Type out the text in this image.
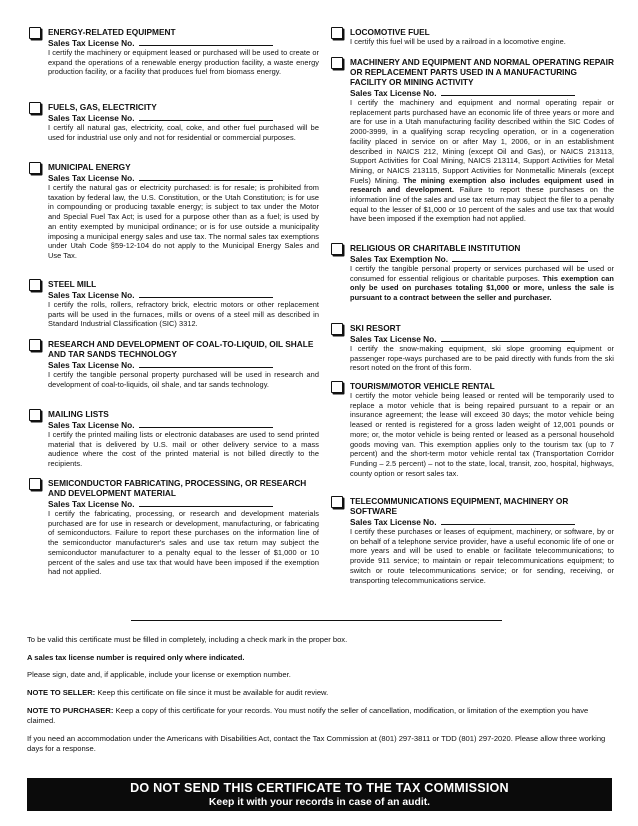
ENERGY-RELATED EQUIPMENT
Sales Tax License No.
I certify the machinery or equipment leased or purchased will be used to create or expand the operations of a renewable energy production facility, a waste energy production facility, or a facility that produces fuel from biomass energy.
FUELS, GAS, ELECTRICITY
Sales Tax License No.
I certify all natural gas, electricity, coal, coke, and other fuel purchased will be used for industrial use only and not for residential or commercial purposes.
MUNICIPAL ENERGY
Sales Tax License No.
I certify the natural gas or electricity purchased: is for resale; is prohibited from taxation by federal law, the U.S. Constitution, or the Utah Constitution; is for use in compounding or producing taxable energy; is subject to tax under the Motor and Special Fuel Tax Act; is used for a purpose other than as a fuel; is used by an entity exempted by municipal ordinance; or is for use outside a municipality imposing a municipal energy sales and use tax. The normal sales tax exemptions under Utah Code §59-12-104 do not apply to the Municipal Energy Sales and Use Tax.
STEEL MILL
Sales Tax License No.
I certify the rolls, rollers, refractory brick, electric motors or other replacement parts will be used in the furnaces, mills or ovens of a steel mill as described in Standard Industrial Classification (SIC) 3312.
RESEARCH AND DEVELOPMENT OF COAL-TO-LIQUID, OIL SHALE AND TAR SANDS TECHNOLOGY
Sales Tax License No.
I certify the tangible personal property purchased will be used in research and development of coal-to-liquids, oil shale, and tar sands technology.
MAILING LISTS
Sales Tax License No.
I certify the printed mailing lists or electronic databases are used to send printed material that is delivered by U.S. mail or other delivery service to a mass audience where the cost of the printed material is not billed directly to the recipients.
SEMICONDUCTOR FABRICATING, PROCESSING, OR RESEARCH AND DEVELOPMENT MATERIAL
Sales Tax License No.
I certify the fabricating, processing, or research and development materials purchased are for use in research or development, manufacturing, or fabricating of semiconductors. Failure to report these purchases on the information line of the semiconductor manufacturer's sales and use tax return may subject the semiconductor manufacturer to a penalty equal to the lesser of $1,000 or 10 percent of the sales and use tax that would have been imposed if the exemption had not applied.
LOCOMOTIVE FUEL
I certify this fuel will be used by a railroad in a locomotive engine.
MACHINERY AND EQUIPMENT AND NORMAL OPERATING REPAIR OR REPLACEMENT PARTS USED IN A MANUFACTURING FACILITY OR MINING ACTIVITY
Sales Tax License No.
I certify the machinery and equipment and normal operating repair or replacement parts purchased have an economic life of three years or more and are for use in a Utah manufacturing facility described within the SIC Codes of 2000-3999, in a qualifying scrap recycling operation, or in a cogeneration facility placed in service on or after May 1, 2006, or in an establishment described in NAICS 212, Mining (except Oil and Gas), or NAICS 213113, Support Activities for Coal Mining, NAICS 213114, Support Activities for Metal Mining, or NAICS 213115, Support Activities for Nonmetallic Minerals (except Fuels) Mining. The mining exemption also includes equipment used in research and development. Failure to report these purchases on the information line of the sales and use tax return may subject the filer to a penalty equal to the lesser of $1,000 or 10 percent of the sales and use tax that would have been imposed if the exemption had not applied.
RELIGIOUS OR CHARITABLE INSTITUTION
Sales Tax Exemption No.
I certify the tangible personal property or services purchased will be used or consumed for essential religious or charitable purposes. This exemption can only be used on purchases totaling $1,000 or more, unless the sale is pursuant to a contract between the seller and purchaser.
SKI RESORT
Sales Tax License No.
I certify the snow-making equipment, ski slope grooming equipment or passenger rope-ways purchased are to be paid directly with funds from the ski resort noted on the front of this form.
TOURISM/MOTOR VEHICLE RENTAL
I certify the motor vehicle being leased or rented will be temporarily used to replace a motor vehicle that is being repaired pursuant to a repair or an insurance agreement; the lease will exceed 30 days; the motor vehicle being leased or rented is registered for a gross laden weight of 12,001 pounds or more; or, the motor vehicle is being rented or leased as a personal household goods moving van. This exemption applies only to the tourism tax (up to 7 percent) and the short-term motor vehicle rental tax (Transportation Corridor Funding – 2.5 percent) – not to the state, local, transit, zoo, hospital, highways, county option or resort sales tax.
TELECOMMUNICATIONS EQUIPMENT, MACHINERY OR SOFTWARE
Sales Tax License No.
I certify these purchases or leases of equipment, machinery, or software, by or on behalf of a telephone service provider, have a useful economic life of one or more years and will be used to enable or facilitate telecommunications; to provide 911 service; to maintain or repair telecommunications equipment; to switch or route telecommunications service; or for sending, receiving, or transporting telecommunications service.

To be valid this certificate must be filled in completely, including a check mark in the proper box.

A sales tax license number is required only where indicated.

Please sign, date and, if applicable, include your license or exemption number.

NOTE TO SELLER: Keep this certificate on file since it must be available for audit review.

NOTE TO PURCHASER: Keep a copy of this certificate for your records. You must notify the seller of cancellation, modification, or limitation of the exemption you have claimed.

If you need an accommodation under the Americans with Disabilities Act, contact the Tax Commission at (801) 297-3811 or TDD (801) 297-2020. Please allow three working days for a response.

DO NOT SEND THIS CERTIFICATE TO THE TAX COMMISSION
Keep it with your records in case of an audit.
